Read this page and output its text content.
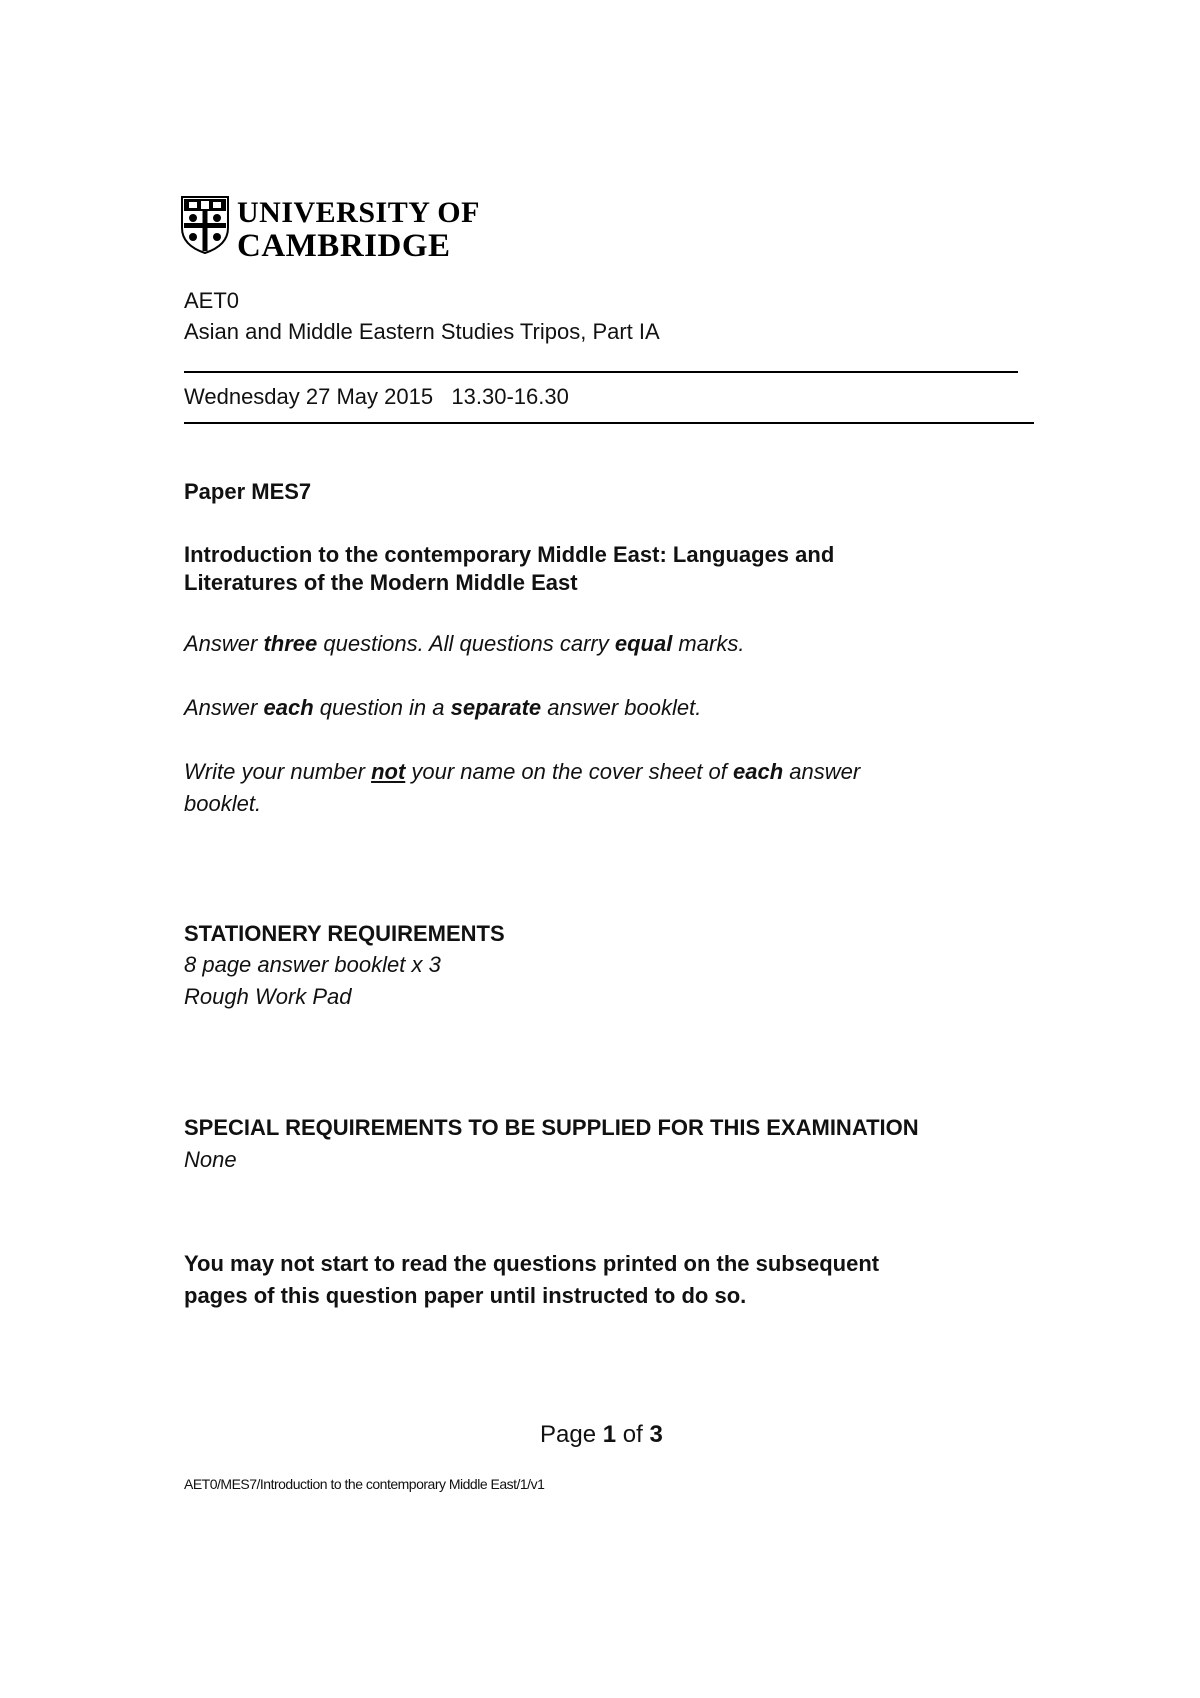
UNIVERSITY OF
CAMBRIDGE
AET0
Asian and Middle Eastern Studies Tripos, Part IA
Wednesday 27 May 2015   13.30-16.30
Paper MES7
Introduction to the contemporary Middle East: Languages and
Literatures of the Modern Middle East
Answer three questions. All questions carry equal marks.
Answer each question in a separate answer booklet.
Write your number not your name on the cover sheet of each answer
booklet.
STATIONERY REQUIREMENTS
8 page answer booklet x 3
Rough Work Pad
SPECIAL REQUIREMENTS TO BE SUPPLIED FOR THIS EXAMINATION
None
You may not start to read the questions printed on the subsequent
pages of this question paper until instructed to do so.
Page 1 of 3
AET0/MES7/Introduction to the contemporary Middle East/1/v1
